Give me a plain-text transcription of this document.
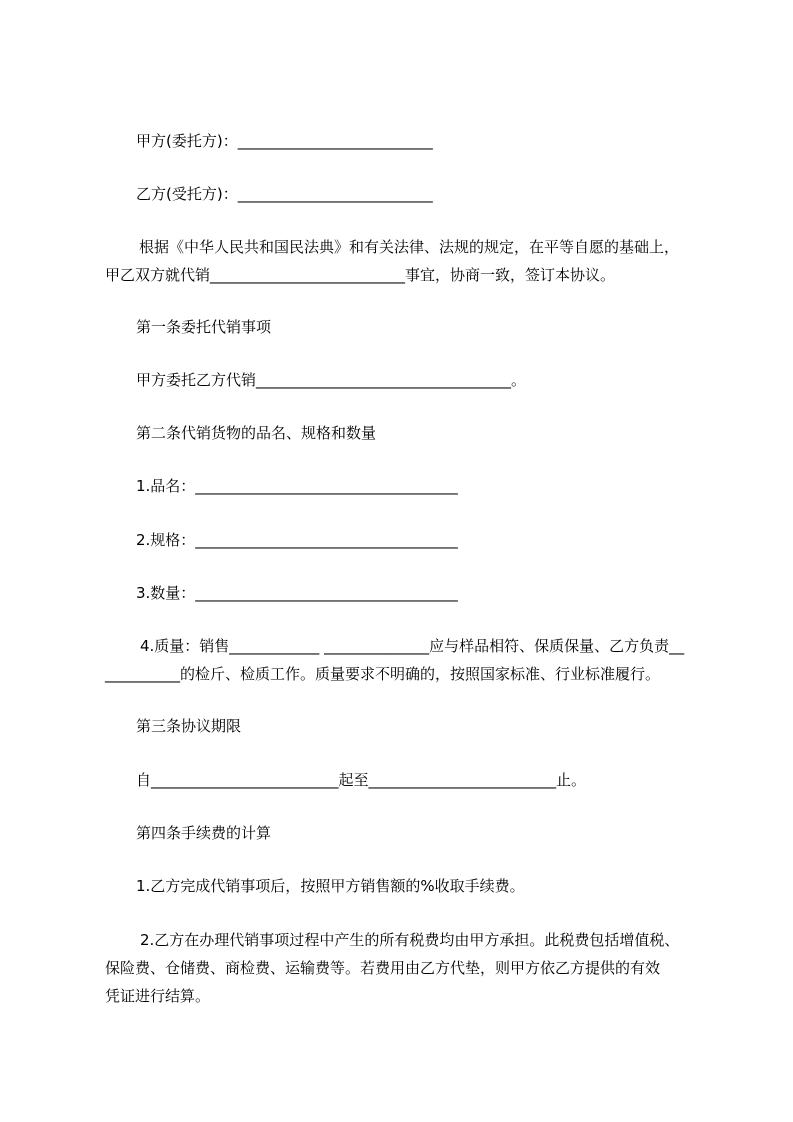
甲方(委托方)：__________________________
乙方(受托方)：__________________________
根据《中华人民共和国民法典》和有关法律、法规的规定，在平等自愿的基础上，
甲乙双方就代销__________________________事宜，协商一致，签订本协议。
第一条委托代销事项
甲方委托乙方代销__________________________________。
第二条代销货物的品名、规格和数量
1.品名：___________________________________
2.规格：___________________________________
3.数量：___________________________________
4.质量：销售____________ ______________应与样品相符、保质保量、乙方负责__
__________的检斤、检质工作。质量要求不明确的，按照国家标准、行业标准履行。
第三条协议期限
自_________________________起至_________________________止。
第四条手续费的计算
1.乙方完成代销事项后，按照甲方销售额的%收取手续费。
2.乙方在办理代销事项过程中产生的所有税费均由甲方承担。此税费包括增值税、
保险费、仓储费、商检费、运输费等。若费用由乙方代垫，则甲方依乙方提供的有效
凭证进行结算。
